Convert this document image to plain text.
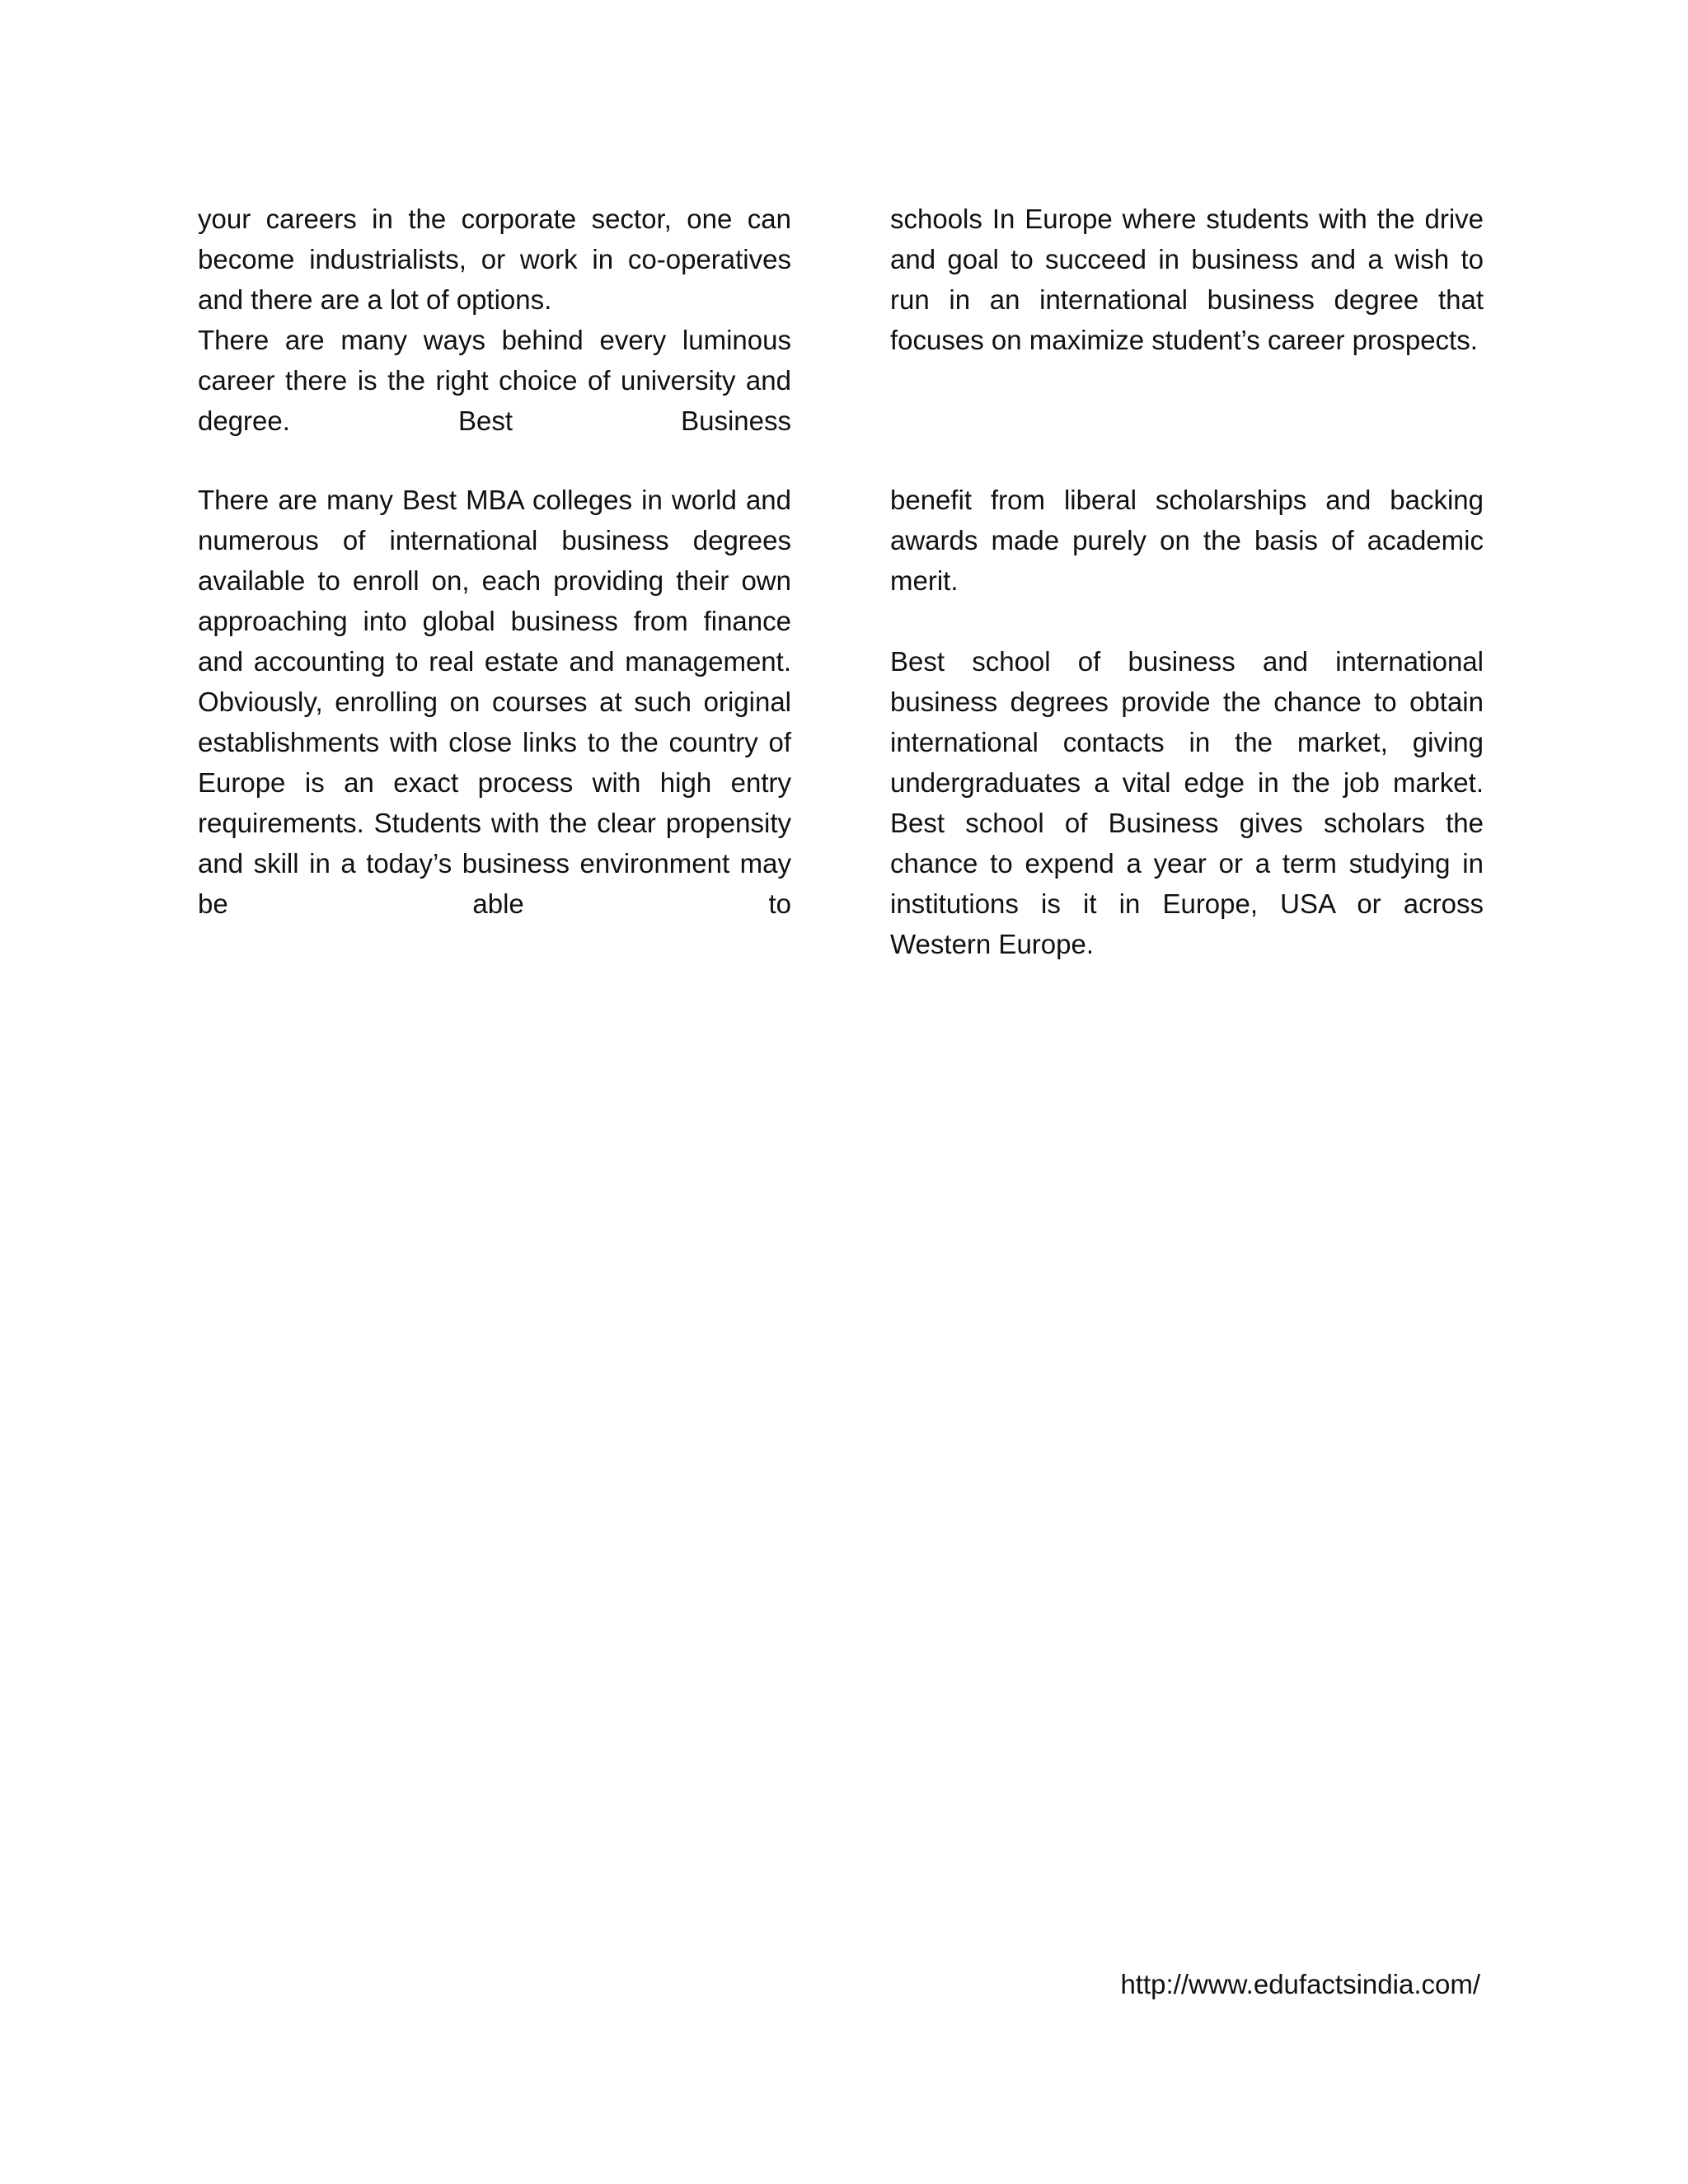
your careers in the corporate sector, one can become industrialists, or work in co-operatives and there are a lot of options.

There are many ways behind every luminous career there is the right choice of university and degree. Best Business

schools In Europe where students with the drive and goal to succeed in business and a wish to run in an international business degree that focuses on maximize student’s career prospects.

There are many Best MBA colleges in world and numerous of international business degrees available to enroll on, each providing their own approaching into global business from finance and accounting to real estate and management. Obviously, enrolling on courses at such original establishments with close links to the country of Europe is an exact process with high entry requirements. Students with the clear propensity and skill in a today’s business environment may be able to

benefit from liberal scholarships and backing awards made purely on the basis of academic merit.

Best school of business and international business degrees provide the chance to obtain international contacts in the market, giving undergraduates a vital edge in the job market. Best school of Business gives scholars the chance to expend a year or a term studying in institutions is it in Europe, USA or across Western Europe.

http://www.edufactsindia.com/
